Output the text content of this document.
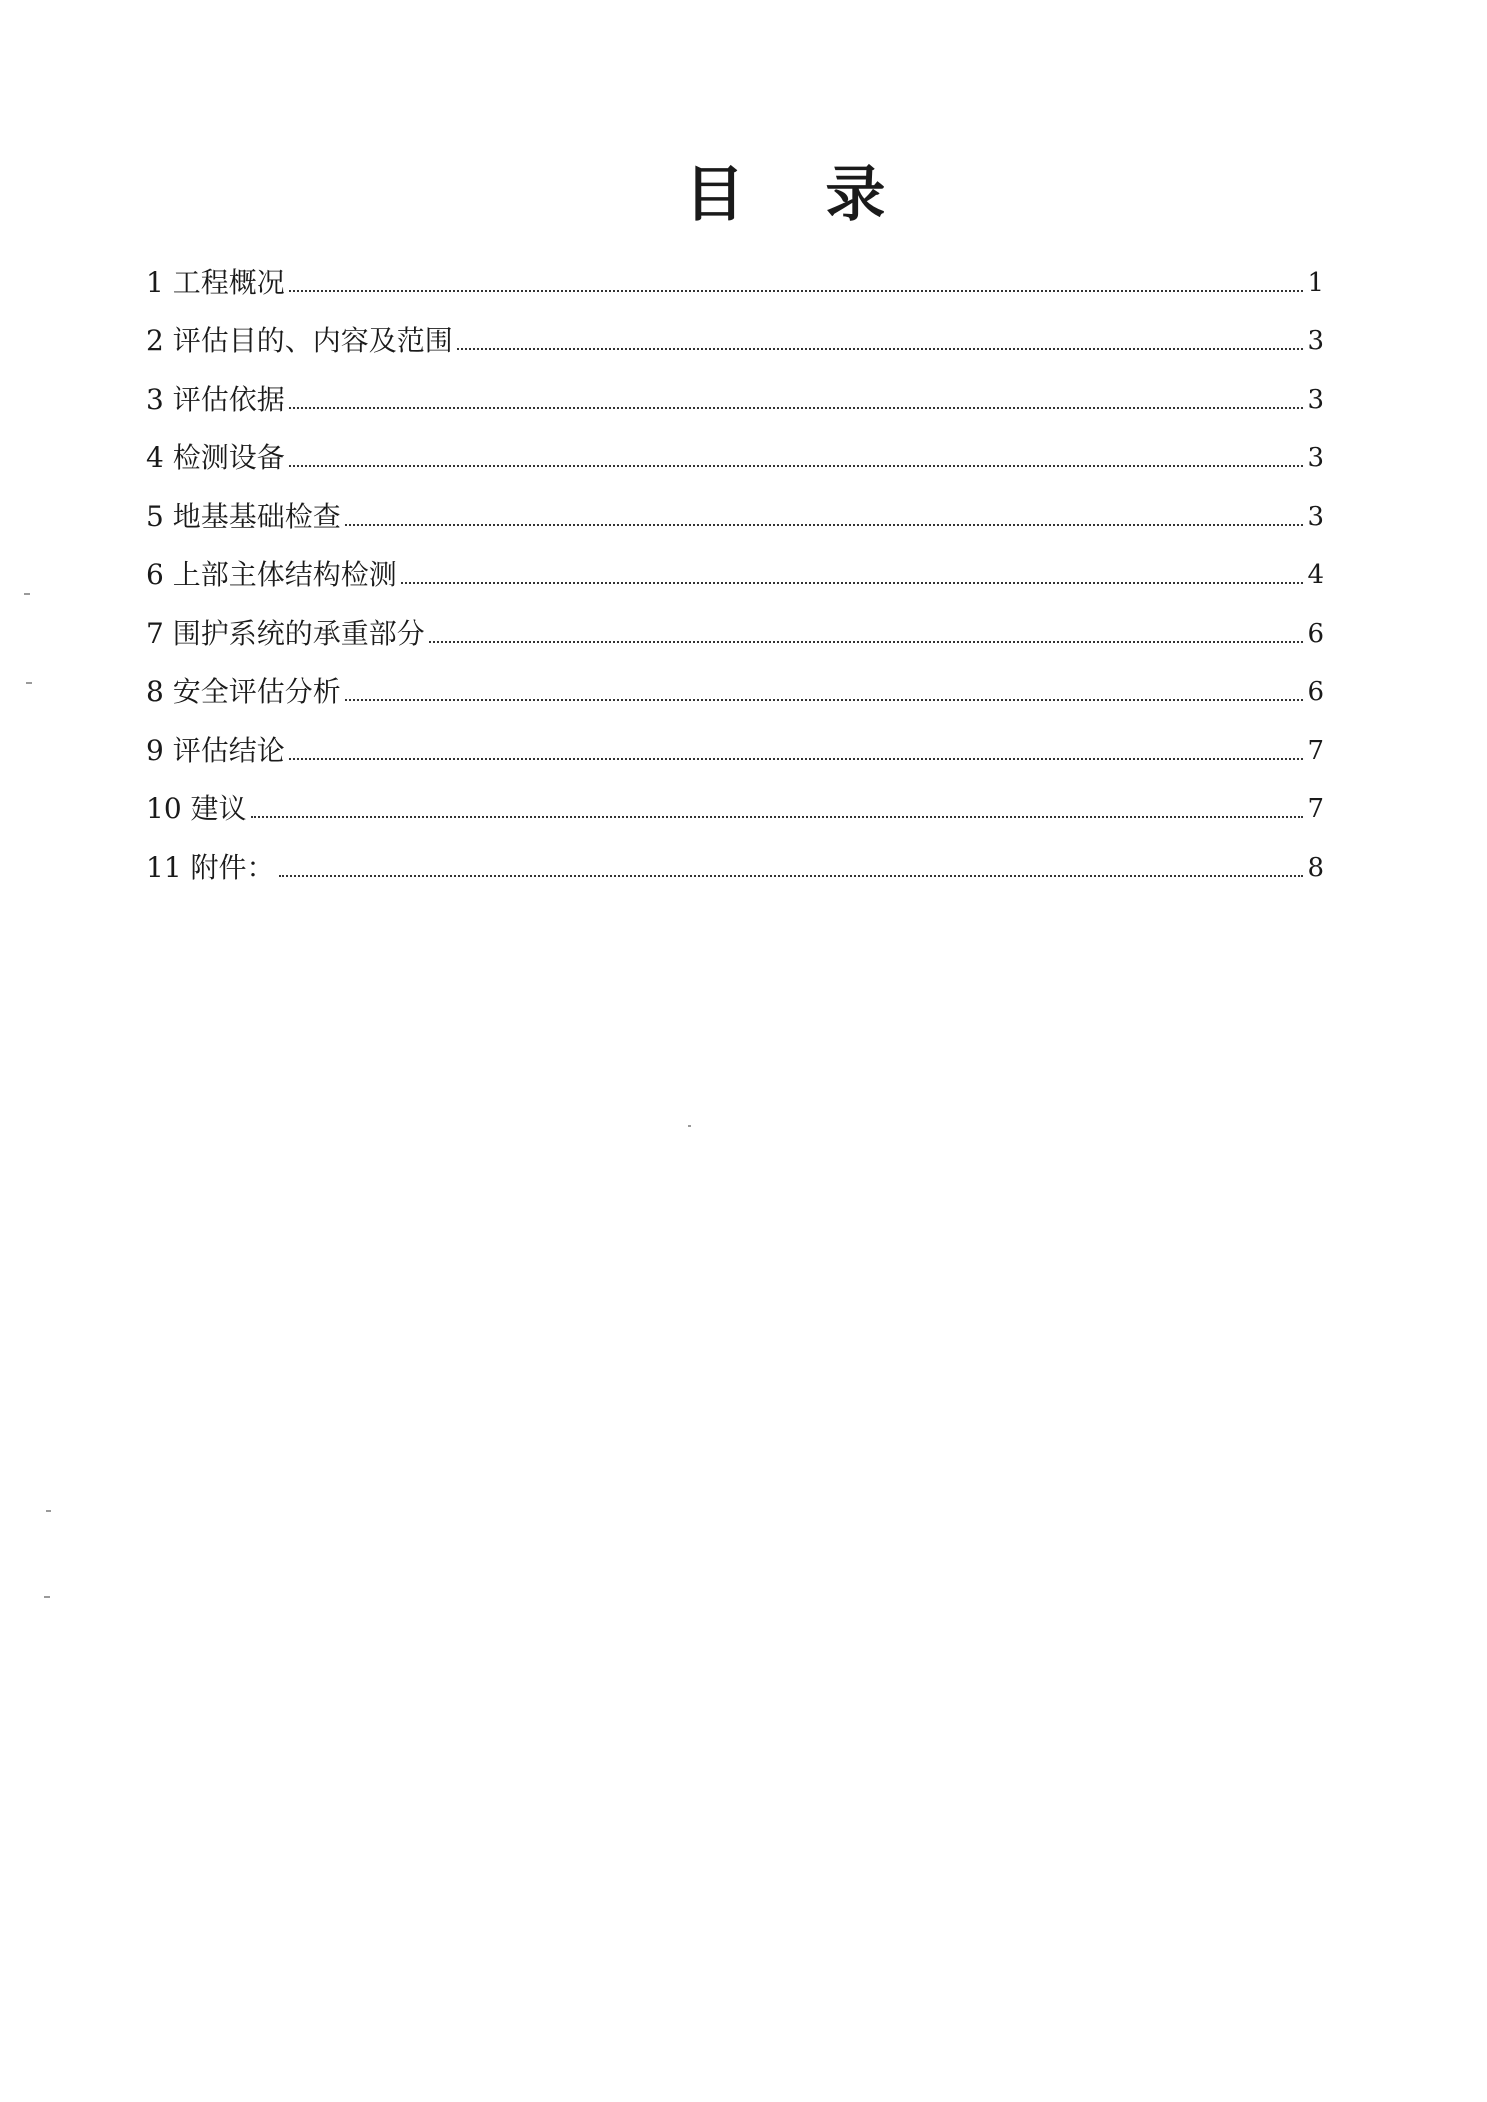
目 录
1 工程概况	1
2 评估目的、内容及范围	3
3 评估依据	3
4 检测设备	3
5 地基基础检查	3
6 上部主体结构检测	4
7 围护系统的承重部分	6
8 安全评估分析	6
9 评估结论	7
10 建议	7
11 附件：	8
